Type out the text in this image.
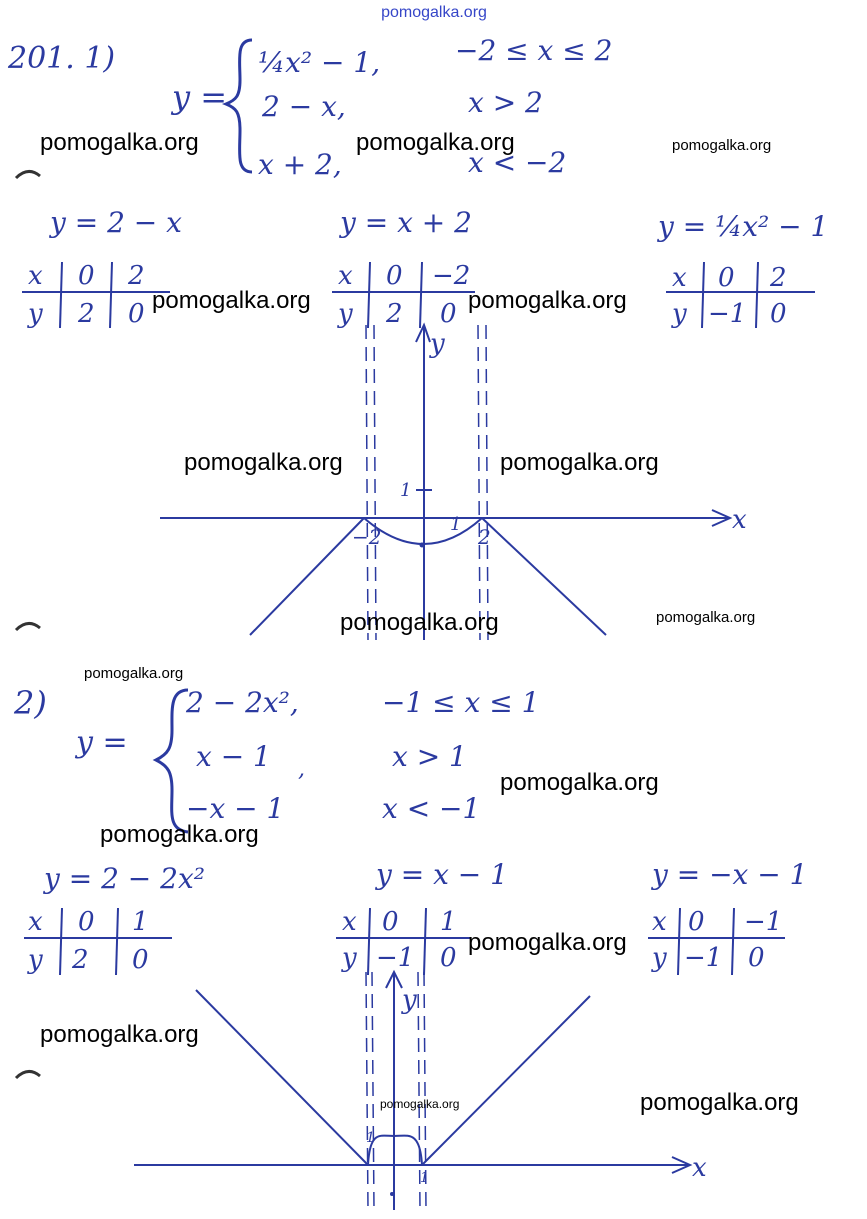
pomogalka.org
201. 1)
y =
¼x² − 1,	−2 ≤ x ≤ 2
2 − x,	x > 2
x + 2,	x < −2
y = 2 − x
x 0 2
y 2 0
y = x + 2
x 0 −2
y 2 0
y = ¼x² − 1
x 0 2
y −1 0
y
x
1
1
−2	2
2)
y =
2 − 2x²,	−1 ≤ x ≤ 1
x − 1 ,	x > 1
−x − 1	x < −1
y = 2 − 2x²
x 0 1
y 2 0
y = x − 1
x 0 1
y −1 0
y = −x − 1
x 0 −1
y −1 0
y
x
1
1
pomogalka.org	pomogalka.org	pomogalka.org
pomogalka.org	pomogalka.org
pomogalka.org	pomogalka.org
pomogalka.org	pomogalka.org
pomogalka.org
pomogalka.org
pomogalka.org
pomogalka.org
pomogalka.org
pomogalka.org	pomogalka.org
